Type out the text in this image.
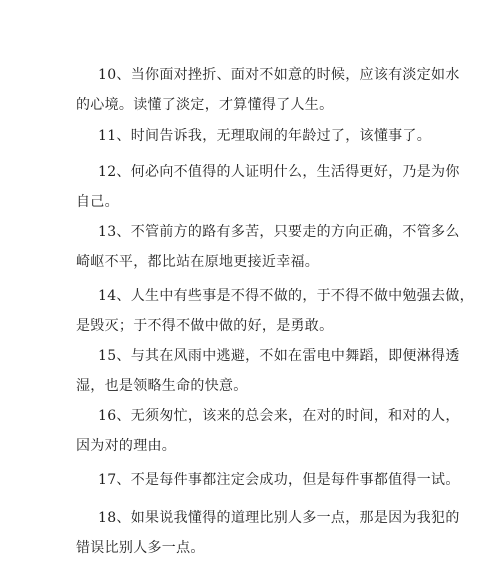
10、当你面对挫折、面对不如意的时候，应该有淡定如水
的心境。读懂了淡定，才算懂得了人生。
11、时间告诉我，无理取闹的年龄过了，该懂事了。
12、何必向不值得的人证明什么，生活得更好，乃是为你
自己。
13、不管前方的路有多苦，只要走的方向正确，不管多么
崎岖不平，都比站在原地更接近幸福。
14、人生中有些事是不得不做的，于不得不做中勉强去做，
是毁灭；于不得不做中做的好，是勇敢。
15、与其在风雨中逃避，不如在雷电中舞蹈，即便淋得透
湿，也是领略生命的快意。
16、无须匆忙，该来的总会来，在对的时间，和对的人，
因为对的理由。
17、不是每件事都注定会成功，但是每件事都值得一试。
18、如果说我懂得的道理比别人多一点，那是因为我犯的
错误比别人多一点。
